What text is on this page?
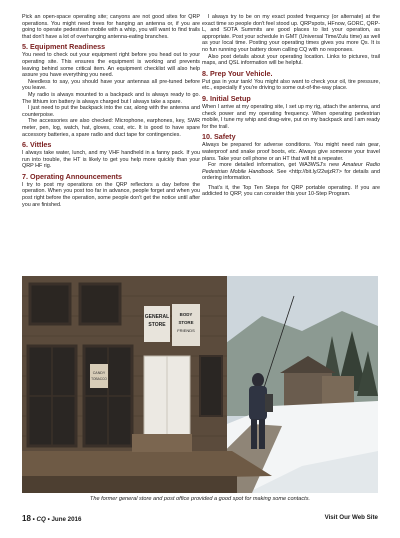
Pick an open-space operating site; canyons are not good sites for QRP operations. You might need trees for hanging an antenna or, if you are going to operate pedestrian mobile with a whip, you will want to find trails that don't have a lot of overhanging antenna-eating branches.

5. Equipment Readiness

You need to check out your equipment right before you head out to your operating site. This ensures the equipment is working and prevents leaving behind some critical item. An equipment checklist will also help assure you have everything you need.

Needless to say, you should have your antennas all pre-tuned before you leave.

My radio is always mounted to a backpack and is always ready to go. The lithium ion battery is always charged but I always take a spare.

I just need to put the backpack into the car, along with the antenna and counterpoise.

The accessories are also checked: Microphone, earphones, key, SWR meter, pen, log, watch, hat, gloves, coat, etc. It is good to have spare accessory batteries, a spare radio and duct tape for contingencies.

6. Vittles

I always take water, lunch, and my VHF handheld in a fanny pack. If you run into trouble, the HT is likely to get you help more quickly than your QRP HF rig.

7. Operating Announcements

I try to post my operations on the QRP reflectors a day before the operation. When you post too far in advance, people forget and when you post right before the operation, some people don't get the notice until after you are finished.

I always try to be on my exact posted frequency (or alternate) at the exact time so people don't feel stood up. QRPspots, HFnow, GORC, QRP-L, and SOTA Summits are good places to list your operation, as appropriate. Post your schedule in GMT (Universal Time/Zulu time) as well as your local time. Posting your operating times gives you more Qs. It is no fun running your battery down calling CQ with no responses.

Also post details about your operating location. Links to pictures, trail maps, and QSL information will be helpful.

8. Prep Your Vehicle.

Put gas in your tank! You might also want to check your oil, tire pressure, etc., especially if you're driving to some out-of-the-way place.

9. Initial Setup

When I arrive at my operating site, I set up my rig, attach the antenna, and check power and my operating frequency. When operating pedestrian mobile, I tune my whip and drag-wire, put on my backpack and I am ready for the trail.

10. Safety

Always be prepared for adverse conditions. You might need rain gear, waterproof and snake proof boots, etc. Always give someone your travel plans. Take your cell phone or an HT that will hit a repeater.

For more detailed information, get WA3WSJ's new Amateur Radio Pedestrian Mobile Handbook. See <http://bit.ly/22wjzR7> for details and ordering information.

That's it, the Top Ten Steps for QRP portable operating. If you are addicted to QRP, you can consider this your 10-Step Program.

GENERAL
STORE
BODY
STORE
FRIENDS
CANDY
TOBACCO
The former general store and post office provided a good spot for making some contacts.
18 • CQ • June 2016	Visit Our Web Site
